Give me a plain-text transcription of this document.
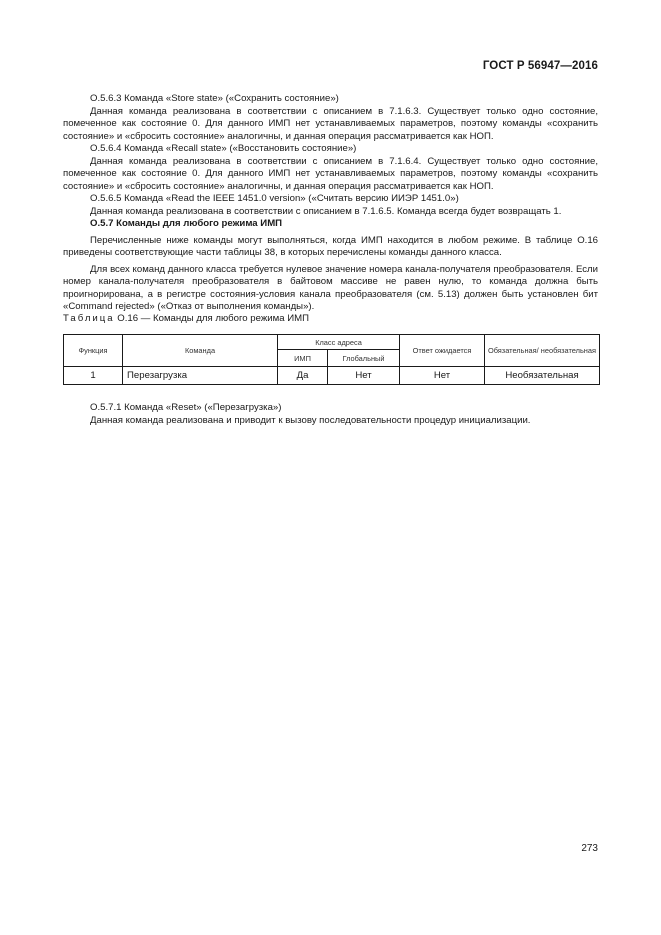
ГОСТ Р 56947—2016

О.5.6.3 Команда «Store state» («Сохранить состояние»)

Данная команда реализована в соответствии с описанием в 7.1.6.3. Существует только одно состояние, помеченное как состояние 0. Для данного ИМП нет устанавливаемых параметров, поэтому команды «сохранить состояние» и «сбросить состояние» аналогичны, и данная операция рассматривается как НОП.

О.5.6.4 Команда «Recall state» («Восстановить состояние»)

Данная команда реализована в соответствии с описанием в 7.1.6.4. Существует только одно состояние, помеченное как состояние 0. Для данного ИМП нет устанавливаемых параметров, поэтому команды «сохранить состояние» и «сбросить состояние» аналогичны, и данная операция рассматривается как НОП.

О.5.6.5 Команда «Read the IEEE 1451.0 version» («Считать версию ИИЭР 1451.0»)

Данная команда реализована в соответствии с описанием в 7.1.6.5. Команда всегда будет возвращать 1.

О.5.7 Команды для любого режима ИМП

Перечисленные ниже команды могут выполняться, когда ИМП находится в любом режиме. В таблице О.16 приведены соответствующие части таблицы 38, в которых перечислены команды данного класса.

Для всех команд данного класса требуется нулевое значение номера канала-получателя преобразователя. Если номер канала-получателя преобразователя в байтовом массиве не равен нулю, то команда должна быть проигнорирована, а в регистре состояния-условия канала преобразователя (см. 5.13) должен быть установлен бит «Command rejected» («Отказ от выполнения команды»).

Таблица О.16 — Команды для любого режима ИМП
Функция	Команда	Класс адреса		Ответ ожидается	Обязательная/ необязательная
		ИМП	Глобальный		
1	Перезагрузка	Да	Нет	Нет	Необязательная

О.5.7.1 Команда «Reset» («Перезагрузка»)

Данная команда реализована и приводит к вызову последовательности процедур инициализации.

273
